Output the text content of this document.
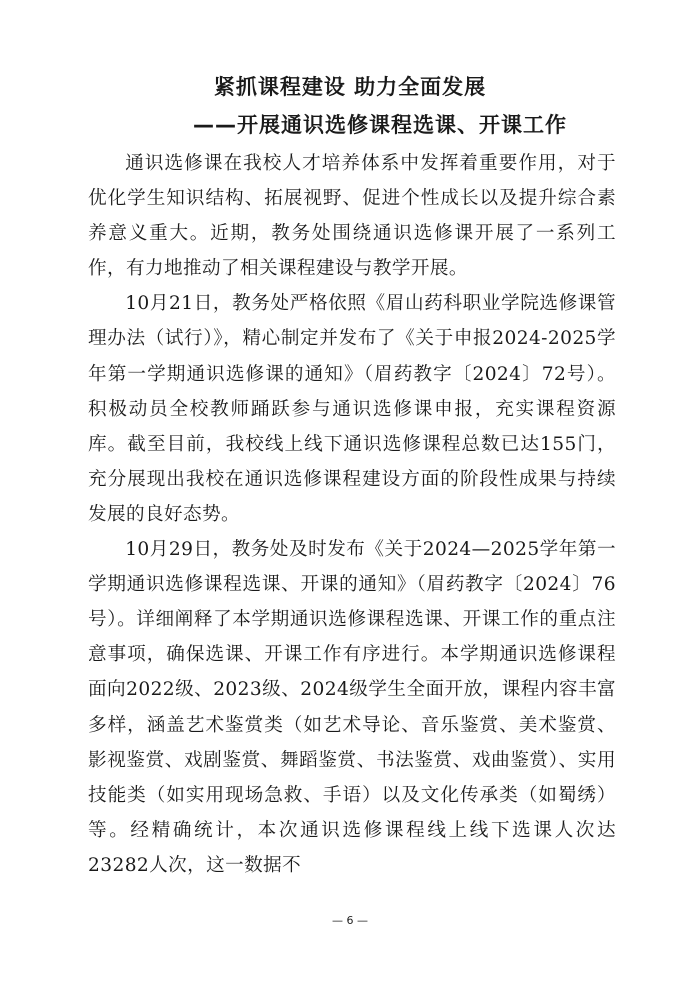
紧抓课程建设 助力全面发展
——开展通识选修课程选课、开课工作

通识选修课在我校人才培养体系中发挥着重要作用，对于优化学生知识结构、拓展视野、促进个性成长以及提升综合素养意义重大。近期，教务处围绕通识选修课开展了一系列工作，有力地推动了相关课程建设与教学开展。

10月21日，教务处严格依照《眉山药科职业学院选修课管理办法（试行）》，精心制定并发布了《关于申报2024-2025学年第一学期通识选修课的通知》（眉药教字〔2024〕72号）。积极动员全校教师踊跃参与通识选修课申报，充实课程资源库。截至目前，我校线上线下通识选修课程总数已达155门，充分展现出我校在通识选修课程建设方面的阶段性成果与持续发展的良好态势。

10月29日，教务处及时发布《关于2024—2025学年第一学期通识选修课程选课、开课的通知》（眉药教字〔2024〕76号）。详细阐释了本学期通识选修课程选课、开课工作的重点注意事项，确保选课、开课工作有序进行。本学期通识选修课程面向2022级、2023级、2024级学生全面开放，课程内容丰富多样，涵盖艺术鉴赏类（如艺术导论、音乐鉴赏、美术鉴赏、影视鉴赏、戏剧鉴赏、舞蹈鉴赏、书法鉴赏、戏曲鉴赏）、实用技能类（如实用现场急救、手语）以及文化传承类（如蜀绣）等。经精确统计，本次通识选修课程线上线下选课人次达23282人次，这一数据不

— 6 —
